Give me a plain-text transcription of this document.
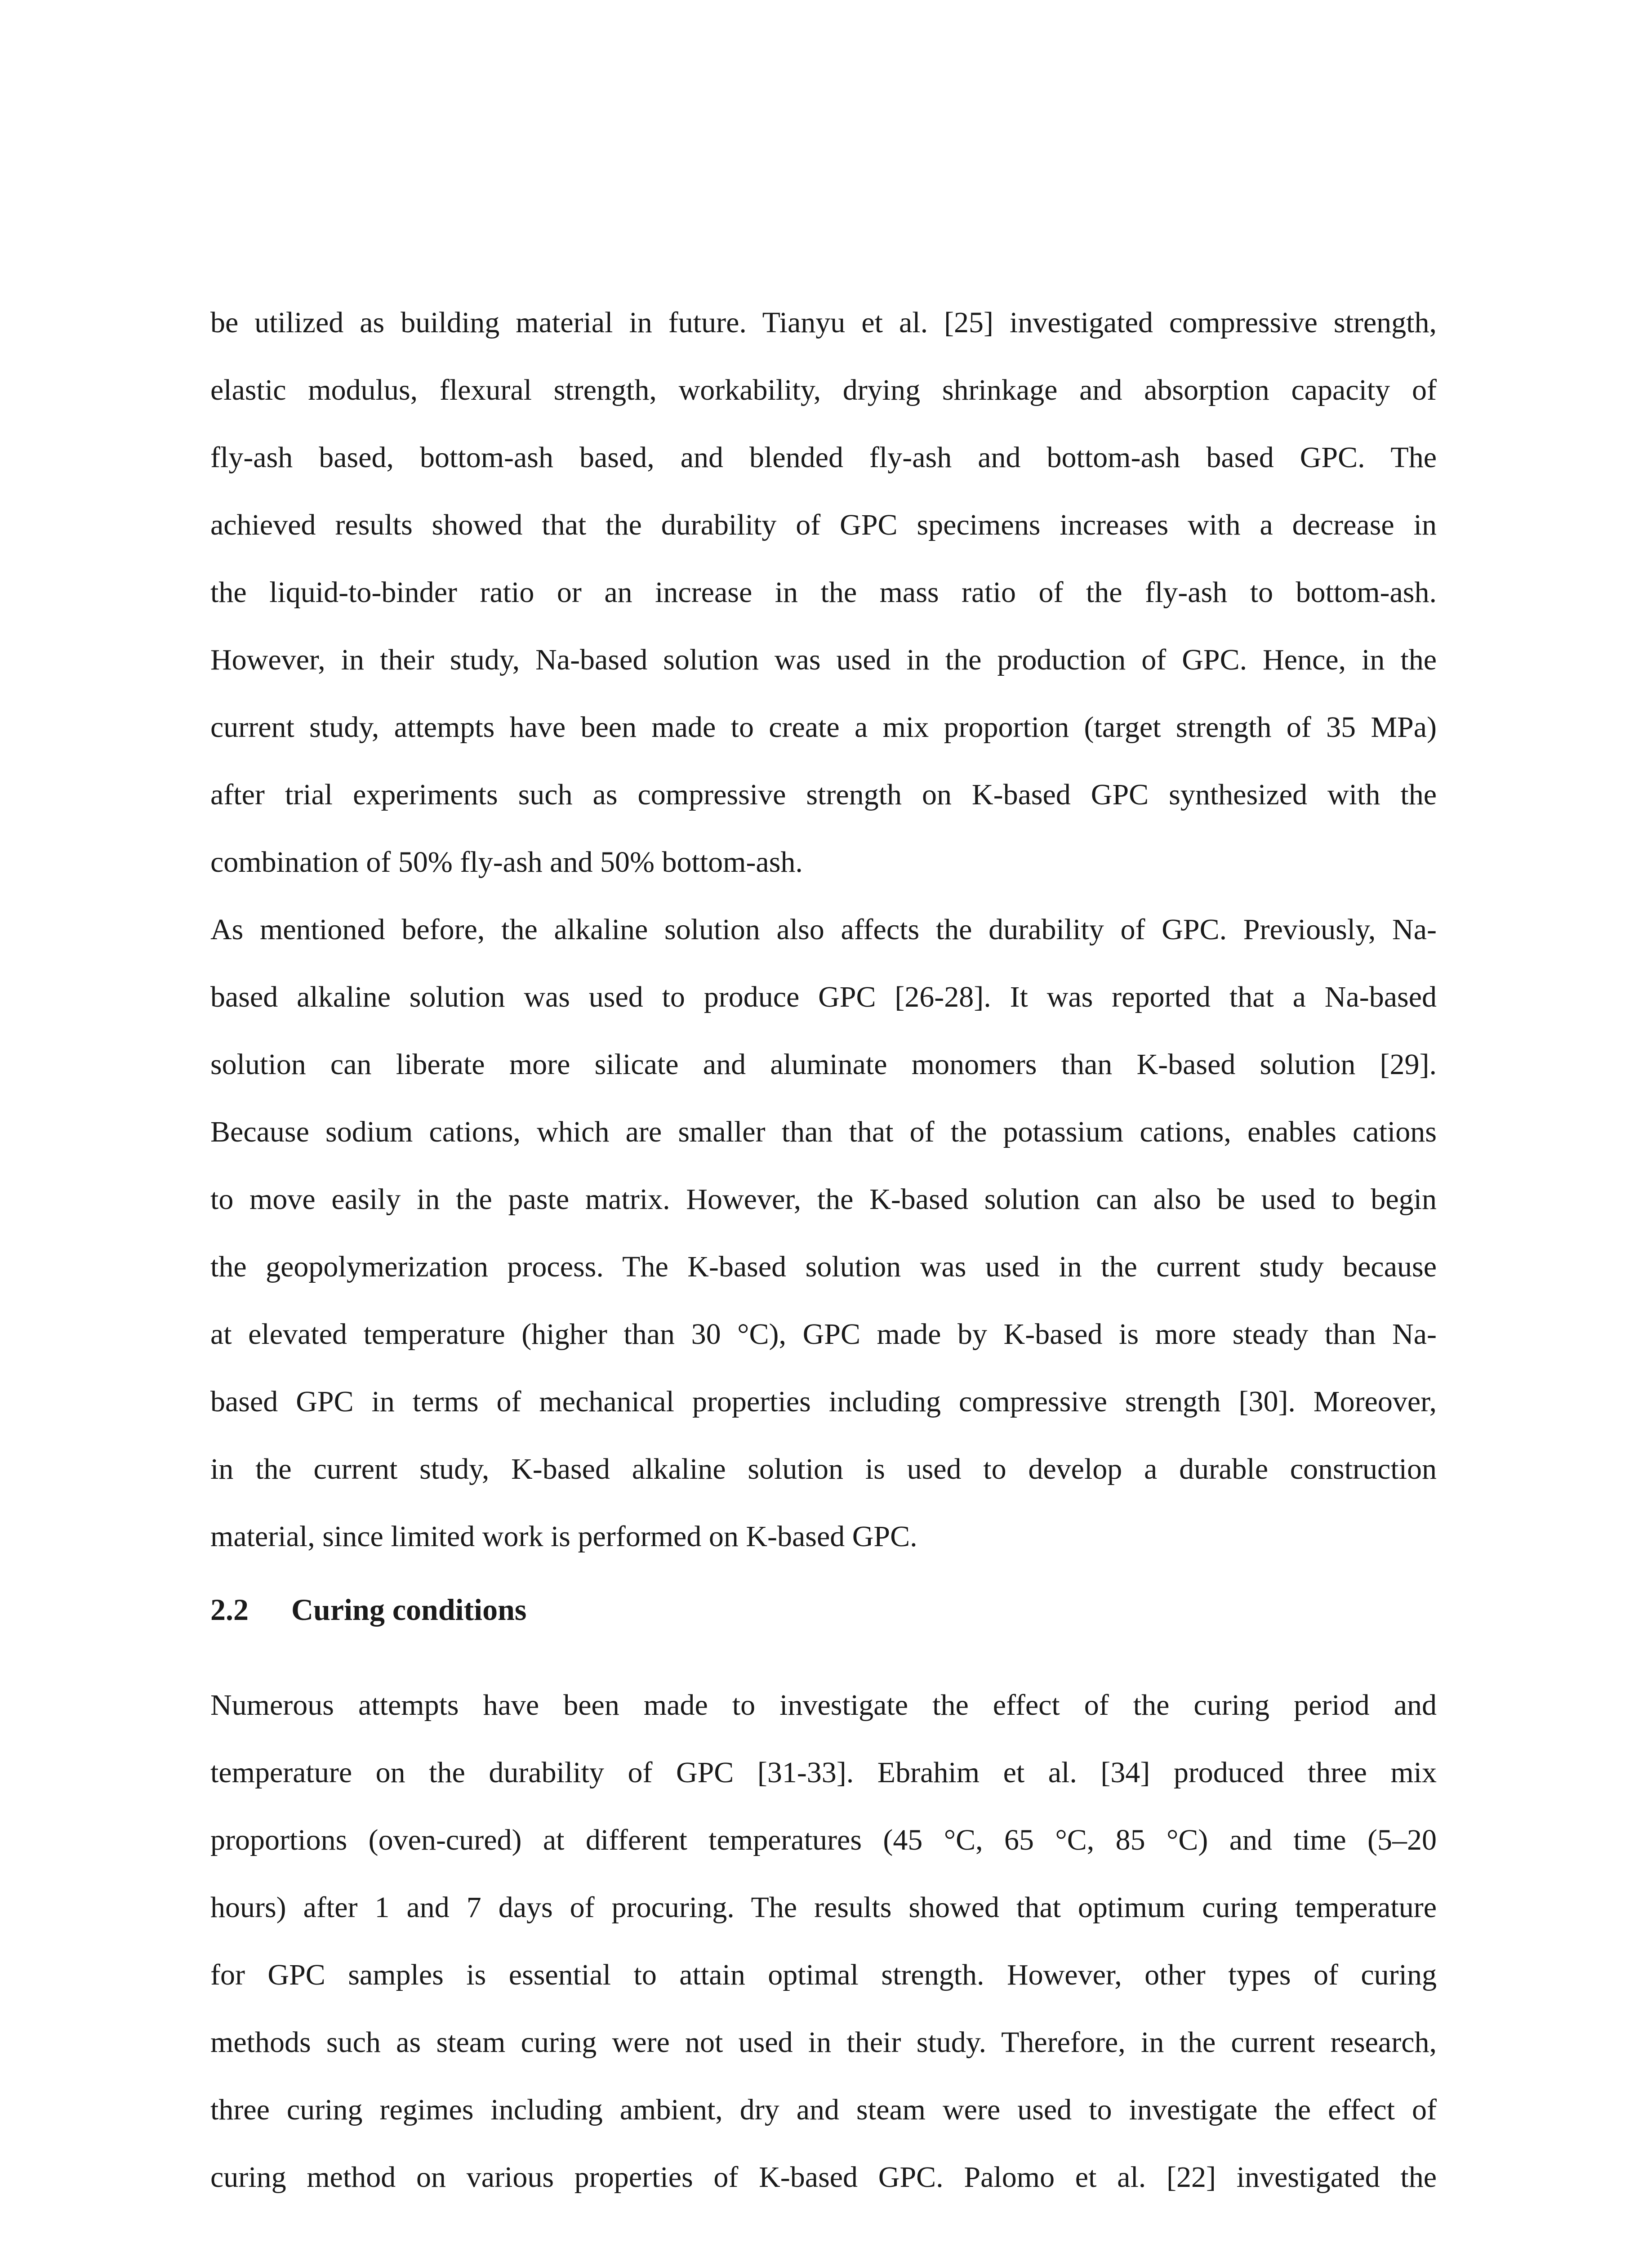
be utilized as building material in future. Tianyu et al. [25] investigated compressive strength,
elastic modulus, flexural strength, workability, drying shrinkage and absorption capacity of
fly-ash based, bottom-ash based, and blended fly-ash and bottom-ash based GPC. The
achieved results showed that the durability of GPC specimens increases with a decrease in
the liquid-to-binder ratio or an increase in the mass ratio of the fly-ash to bottom-ash.
However, in their study, Na-based solution was used in the production of GPC. Hence, in the
current study, attempts have been made to create a mix proportion (target strength of 35 MPa)
after trial experiments such as compressive strength on K-based GPC synthesized with the
combination of 50% fly-ash and 50% bottom-ash.
As mentioned before, the alkaline solution also affects the durability of GPC. Previously, Na-
based alkaline solution was used to produce GPC [26-28]. It was reported that a Na-based
solution can liberate more silicate and aluminate monomers than K-based solution [29].
Because sodium cations, which are smaller than that of the potassium cations, enables cations
to move easily in the paste matrix. However, the K-based solution can also be used to begin
the geopolymerization process. The K-based solution was used in the current study because
at elevated temperature (higher than 30 °C), GPC made by K-based is more steady than Na-
based GPC in terms of mechanical properties including compressive strength [30]. Moreover,
in the current study, K-based alkaline solution is used to develop a durable construction
material, since limited work is performed on K-based GPC.
2.2 Curing conditions
Numerous attempts have been made to investigate the effect of the curing period and
temperature on the durability of GPC [31-33]. Ebrahim et al. [34] produced three mix
proportions (oven-cured) at different temperatures (45 °C, 65 °C, 85 °C) and time (5–20
hours) after 1 and 7 days of procuring. The results showed that optimum curing temperature
for GPC samples is essential to attain optimal strength. However, other types of curing
methods such as steam curing were not used in their study. Therefore, in the current research,
three curing regimes including ambient, dry and steam were used to investigate the effect of
curing method on various properties of K-based GPC. Palomo et al. [22] investigated the
